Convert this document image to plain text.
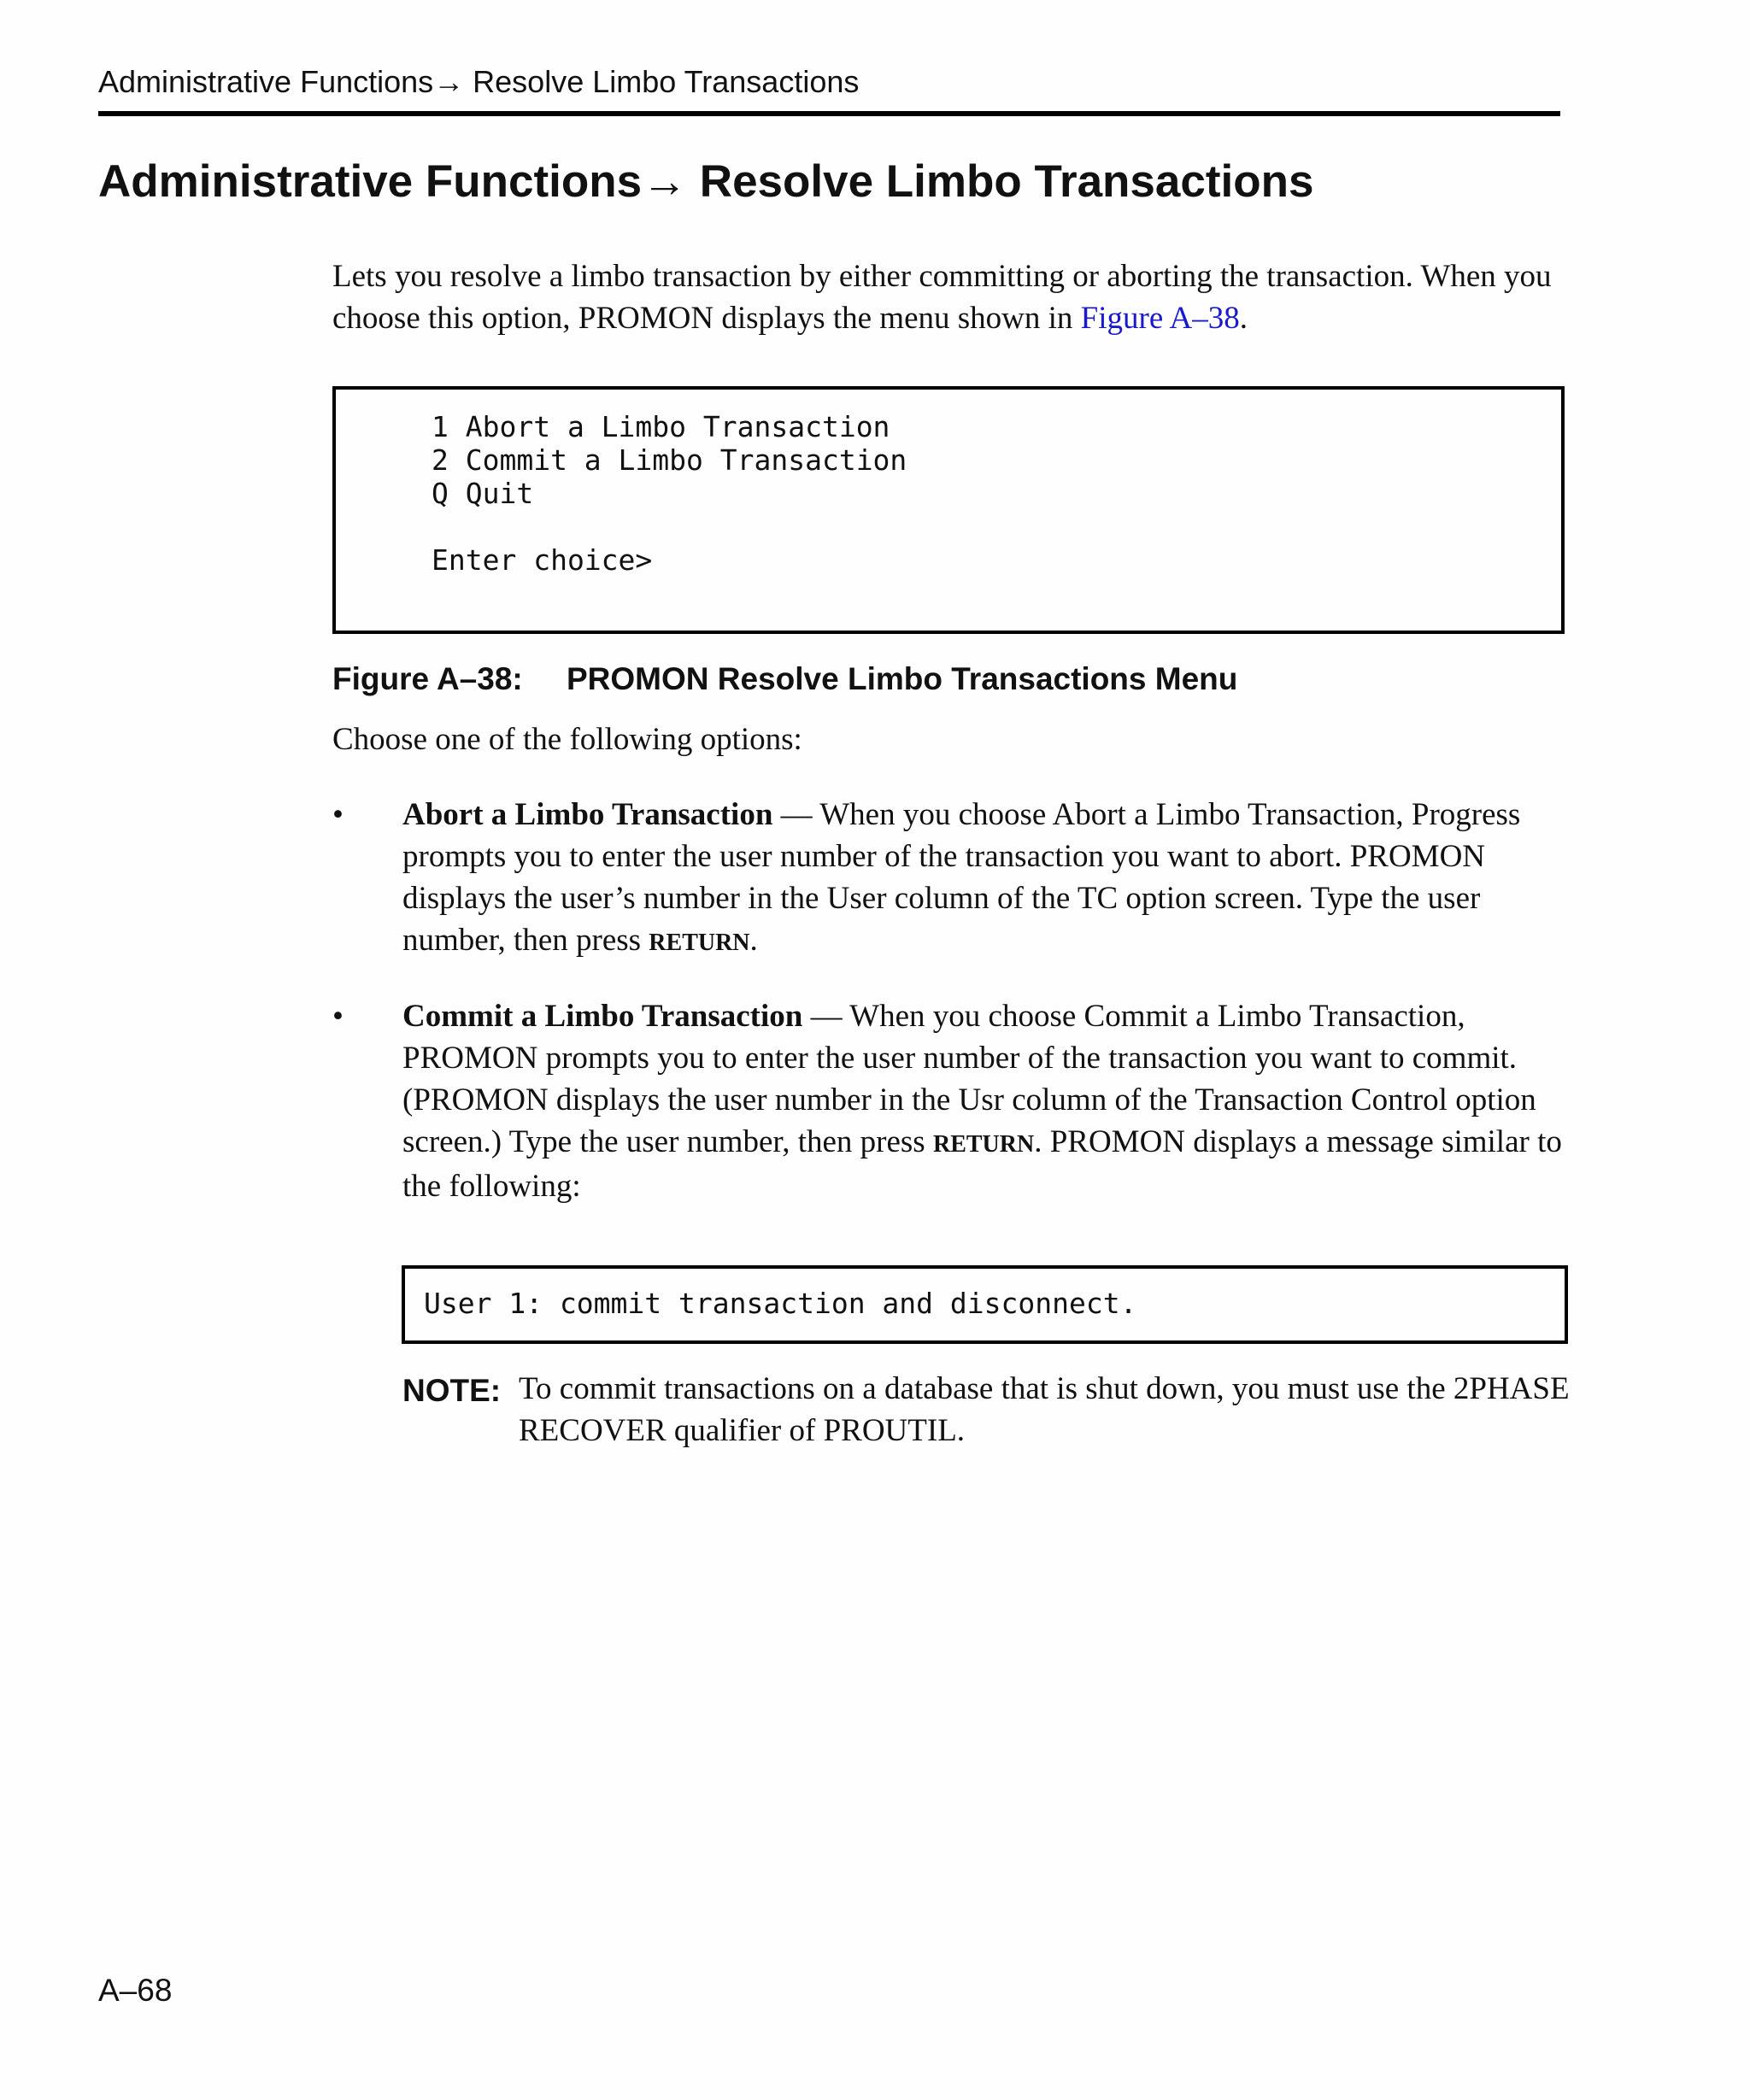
Administrative Functions→ Resolve Limbo Transactions
Administrative Functions→ Resolve Limbo Transactions

Lets you resolve a limbo transaction by either committing or aborting the transaction. When you choose this option, PROMON displays the menu shown in Figure A–38.

1 Abort a Limbo Transaction
2 Commit a Limbo Transaction
Q Quit

Enter choice>
Figure A–38: PROMON Resolve Limbo Transactions Menu

Choose one of the following options:

• Abort a Limbo Transaction — When you choose Abort a Limbo Transaction, Progress prompts you to enter the user number of the transaction you want to abort. PROMON displays the user’s number in the User column of the TC option screen. Type the user number, then press RETURN.

• Commit a Limbo Transaction — When you choose Commit a Limbo Transaction, PROMON prompts you to enter the user number of the transaction you want to commit. (PROMON displays the user number in the Usr column of the Transaction Control option screen.) Type the user number, then press RETURN. PROMON displays a message similar to the following:

User 1: commit transaction and disconnect.
NOTE: To commit transactions on a database that is shut down, you must use the 2PHASE RECOVER qualifier of PROUTIL.

A–68
